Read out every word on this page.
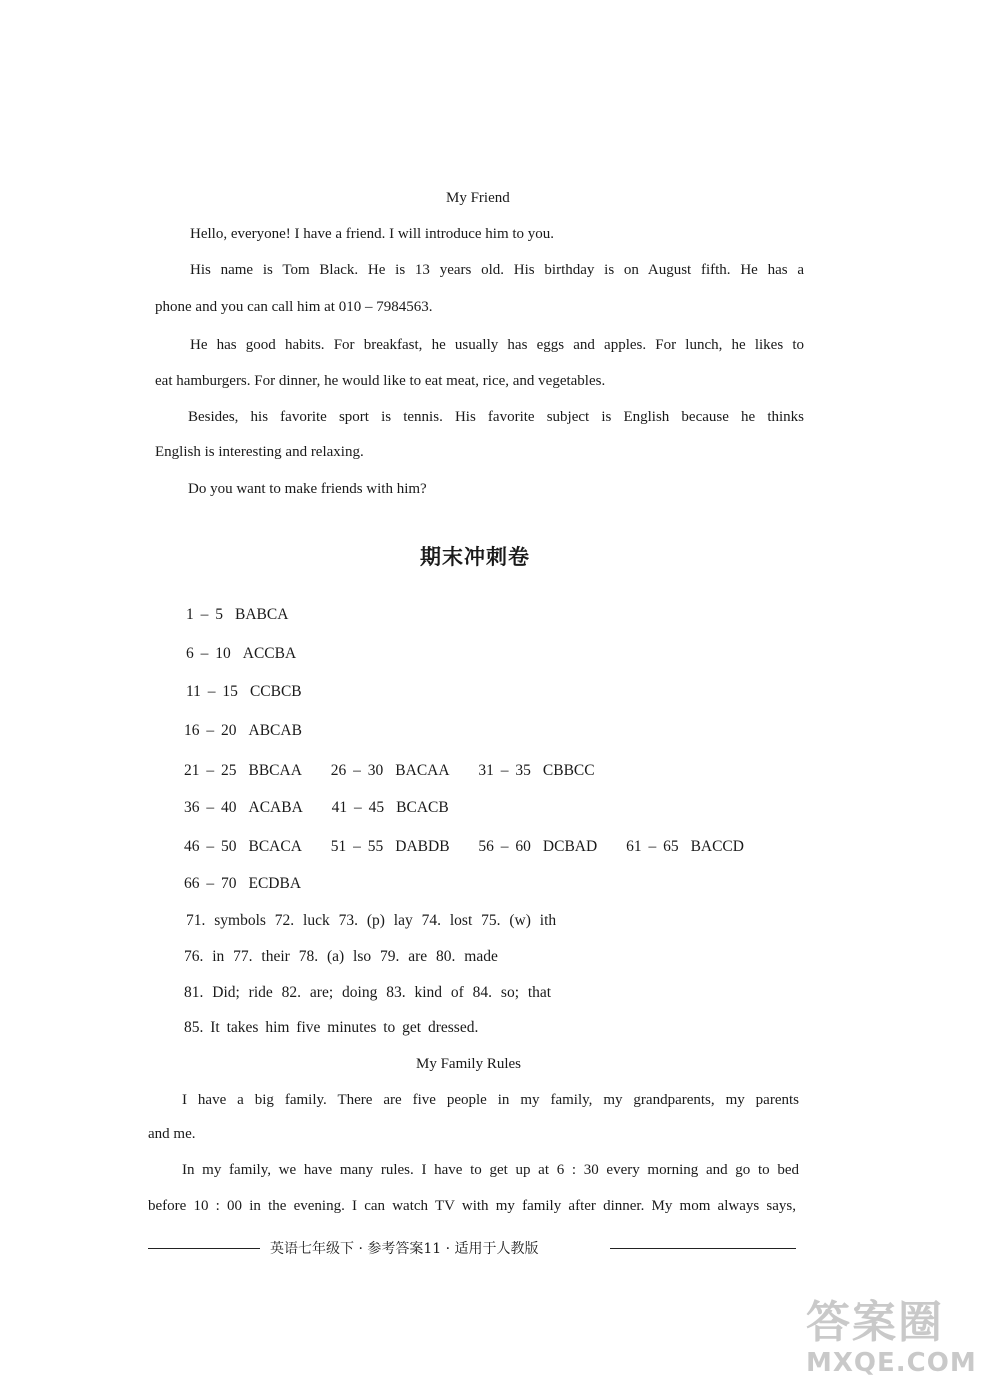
My Friend
Hello, everyone! I have a friend. I will introduce him to you.
His name is Tom Black. He is 13 years old. His birthday is on August fifth. He has a
phone and you can call him at 010 – 7984563.
He has good habits. For breakfast, he usually has eggs and apples. For lunch, he likes to
eat hamburgers. For dinner, he would like to eat meat, rice, and vegetables.
Besides, his favorite sport is tennis. His favorite subject is English because he thinks
English is interesting and relaxing.
Do you want to make friends with him?
期末冲刺卷
1 – 5 BABCA
6 – 10 ACCBA
11 – 15 CCBCB
16 – 20 ABCAB
21 – 25 BBCAA 26 – 30 BACAA 31 – 35 CBBCC
36 – 40 ACABA 41 – 45 BCACB
46 – 50 BCACA 51 – 55 DABDB 56 – 60 DCBAD 61 – 65 BACCD
66 – 70 ECDBA
71. symbols 72. luck 73. (p) lay 74. lost 75. (w) ith
76. in 77. their 78. (a) lso 79. are 80. made
81. Did; ride 82. are; doing 83. kind of 84. so; that
85. It takes him five minutes to get dressed.
My Family Rules
I have a big family. There are five people in my family, my grandparents, my parents
and me.
In my family, we have many rules. I have to get up at 6 : 30 every morning and go to bed
before 10 : 00 in the evening. I can watch TV with my family after dinner. My mom always says,
英语七年级下 · 参考答案11 · 适用于人教版
答案圈
MXQE.COM
